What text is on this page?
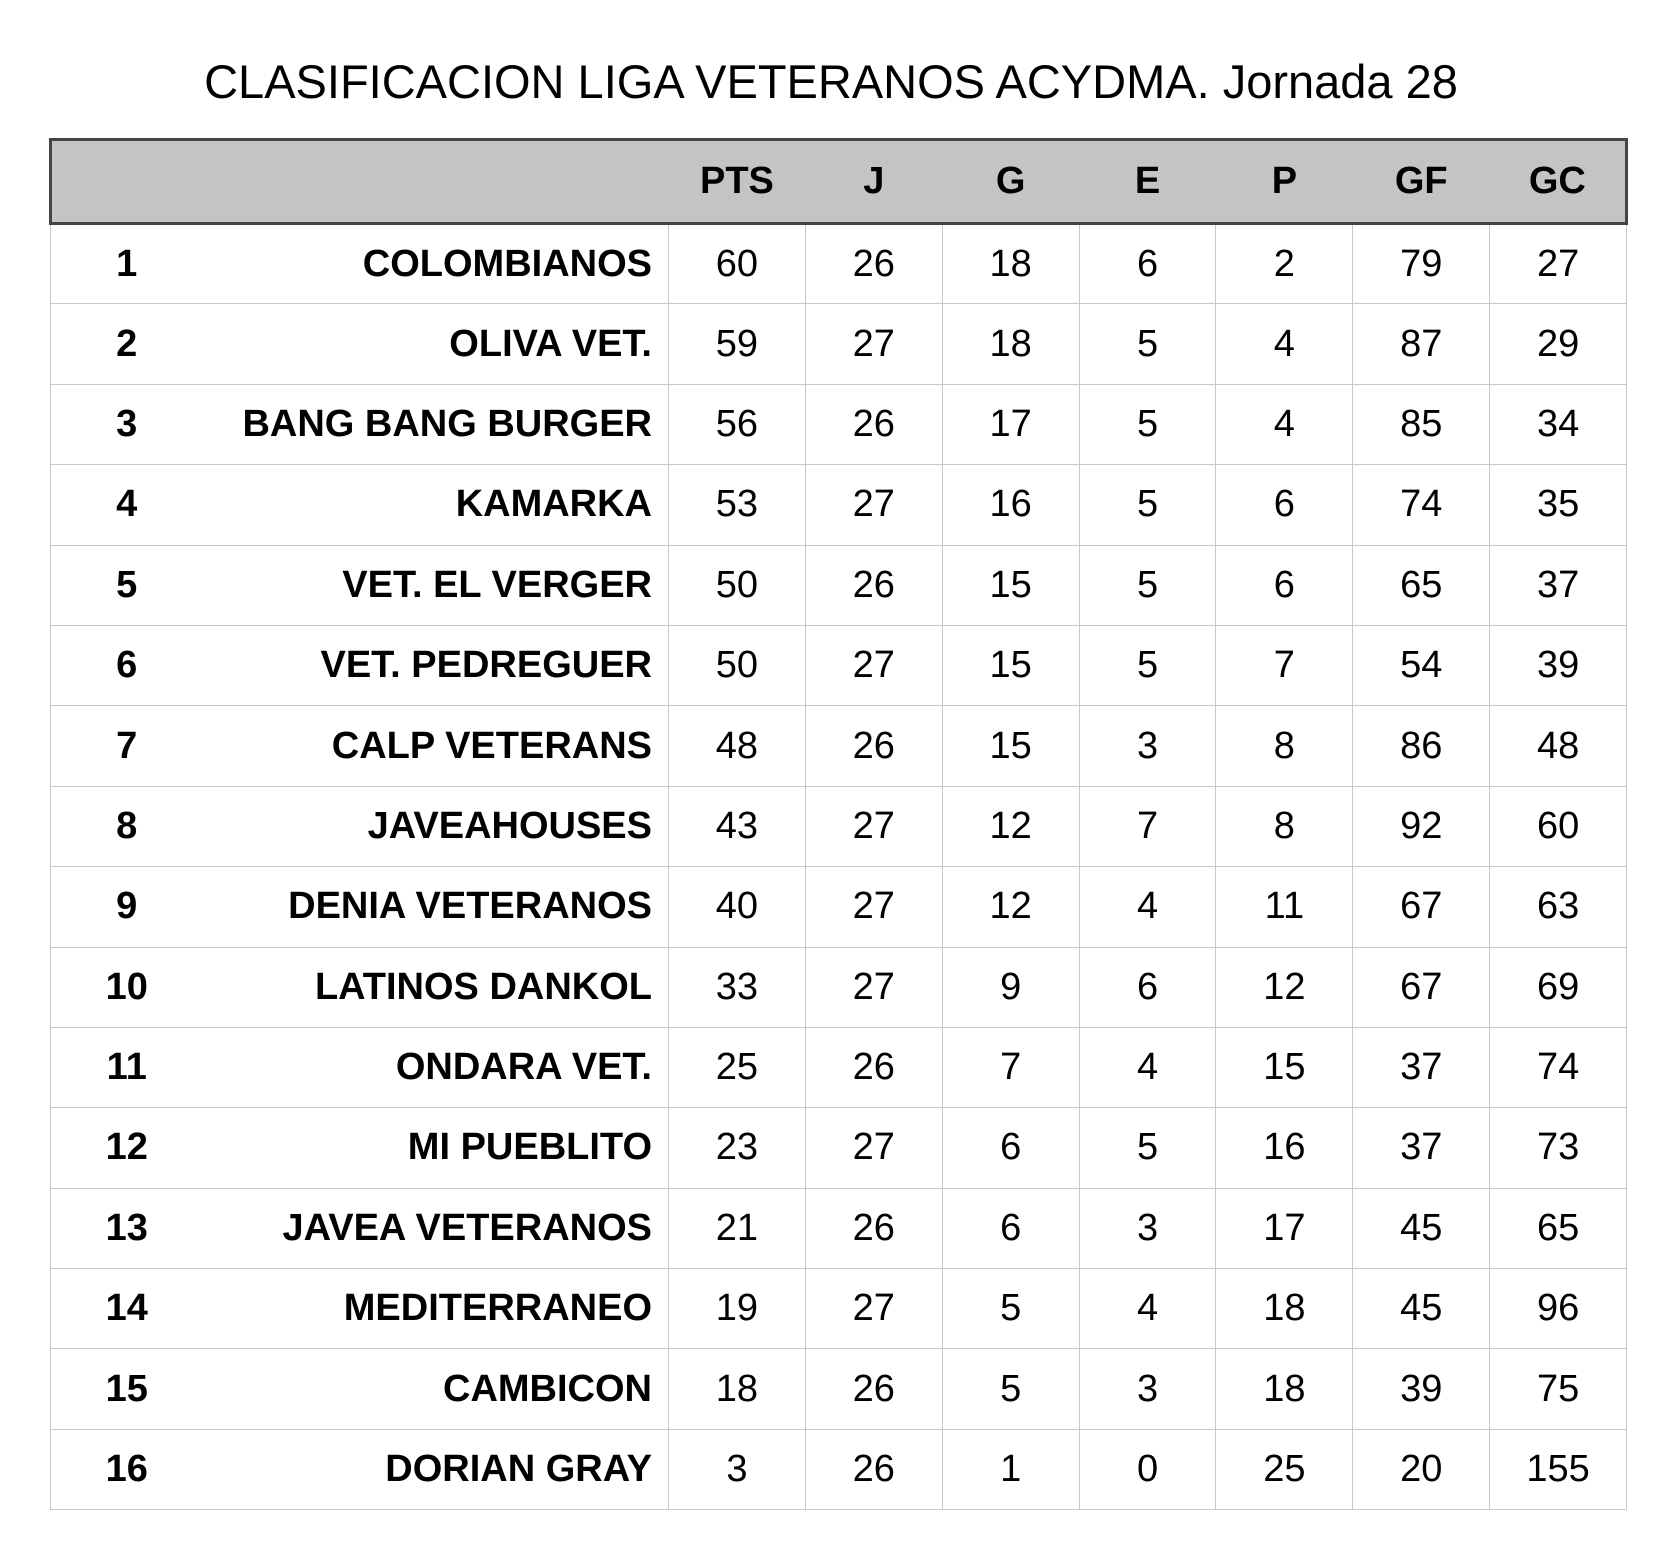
CLASIFICACION LIGA VETERANOS ACYDMA. Jornada 28
		PTS	J	G	E	P	GF	GC
1	COLOMBIANOS	60	26	18	6	2	79	27
2	OLIVA VET.	59	27	18	5	4	87	29
3	BANG BANG BURGER	56	26	17	5	4	85	34
4	KAMARKA	53	27	16	5	6	74	35
5	VET. EL VERGER	50	26	15	5	6	65	37
6	VET. PEDREGUER	50	27	15	5	7	54	39
7	CALP VETERANS	48	26	15	3	8	86	48
8	JAVEAHOUSES	43	27	12	7	8	92	60
9	DENIA VETERANOS	40	27	12	4	11	67	63
10	LATINOS DANKOL	33	27	9	6	12	67	69
11	ONDARA VET.	25	26	7	4	15	37	74
12	MI PUEBLITO	23	27	6	5	16	37	73
13	JAVEA VETERANOS	21	26	6	3	17	45	65
14	MEDITERRANEO	19	27	5	4	18	45	96
15	CAMBICON	18	26	5	3	18	39	75
16	DORIAN GRAY	3	26	1	0	25	20	155
